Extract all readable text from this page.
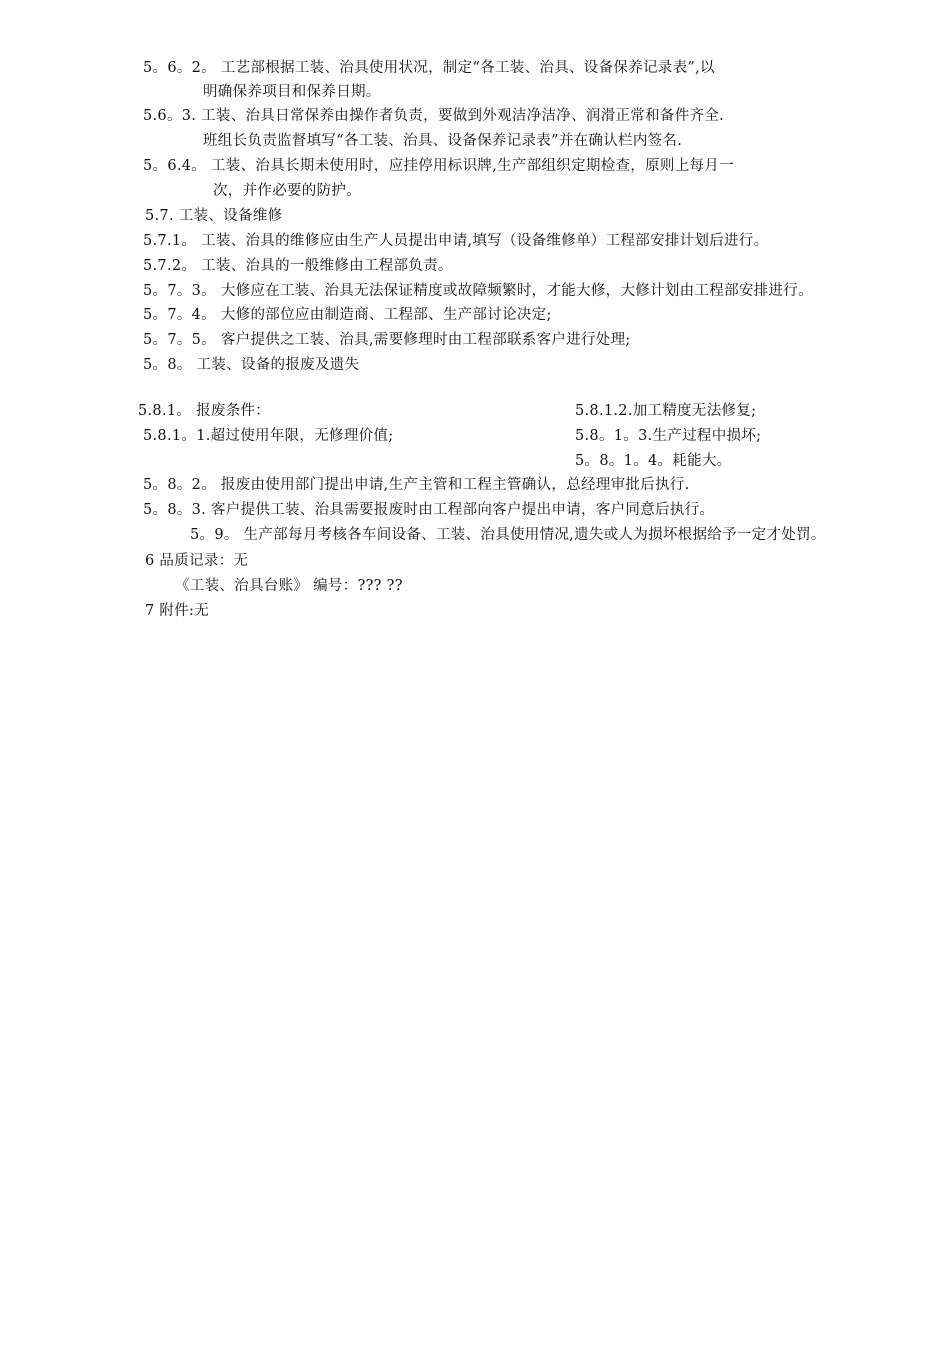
5。6。2。 工艺部根据工装、治具使用状况，制定“各工装、治具、设备保养记录表”,以
明确保养项目和保养日期。
5.6。3. 工装、治具日常保养由操作者负责，要做到外观洁净洁净、润滑正常和备件齐全.
班组长负责监督填写“各工装、治具、设备保养记录表”并在确认栏内签名.
5。6.4。 工装、治具长期未使用时，应挂停用标识牌,生产部组织定期检查，原则上每月一
次，并作必要的防护。
5.7. 工装、设备维修
5.7.1。 工装、治具的维修应由生产人员提出申请,填写（设备维修单）工程部安排计划后进行。
5.7.2。 工装、治具的一般维修由工程部负责。
5。7。3。 大修应在工装、治具无法保证精度或故障频繁时，才能大修，大修计划由工程部安排进行。
5。7。4。 大修的部位应由制造商、工程部、生产部讨论决定;
5。7。5。 客户提供之工装、治具,需要修理时由工程部联系客户进行处理;
5。8。 工装、设备的报废及遗失
5.8.1。 报废条件：	5.8.1.2.加工精度无法修复;
5.8.1。1.超过使用年限，无修理价值;	5.8。1。3.生产过程中损坏;
5。8。1。4。耗能大。
5。8。2。 报废由使用部门提出申请,生产主管和工程主管确认，总经理审批后执行.
5。8。3. 客户提供工装、治具需要报废时由工程部向客户提出申请，客户同意后执行。
5。9。 生产部每月考核各车间设备、工装、治具使用情况,遗失或人为损坏根据给予一定才处罚。
6 品质记录：无
《工装、治具台账》 编号：??? ??
7 附件:无
